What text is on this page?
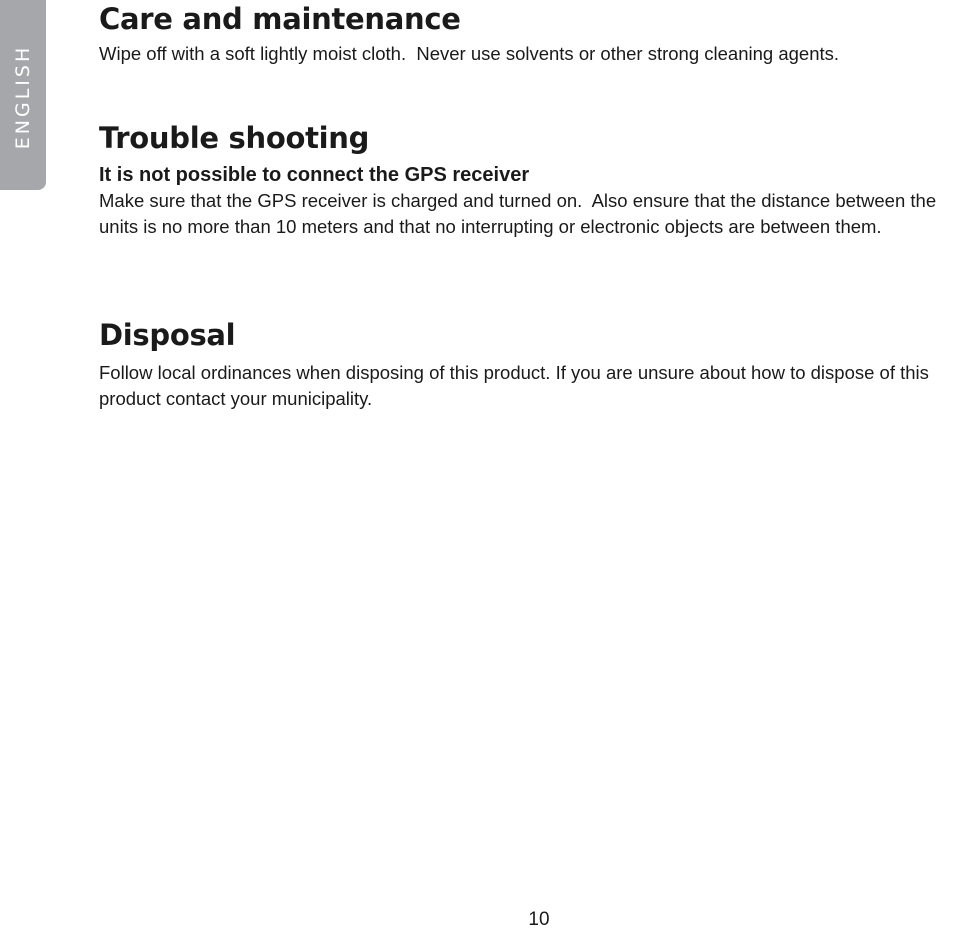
ENGLISH
Care and maintenance

Wipe off with a soft lightly moist cloth.  Never use solvents or other strong cleaning agents.

Trouble shooting
It is not possible to connect the GPS receiver

Make sure that the GPS receiver is charged and turned on.  Also ensure that the distance between the units is no more than 10 meters and that no interrupting or electronic objects are between them.

Disposal

Follow local ordinances when disposing of this product. If you are unsure about how to dispose of this product contact your municipality.

10
